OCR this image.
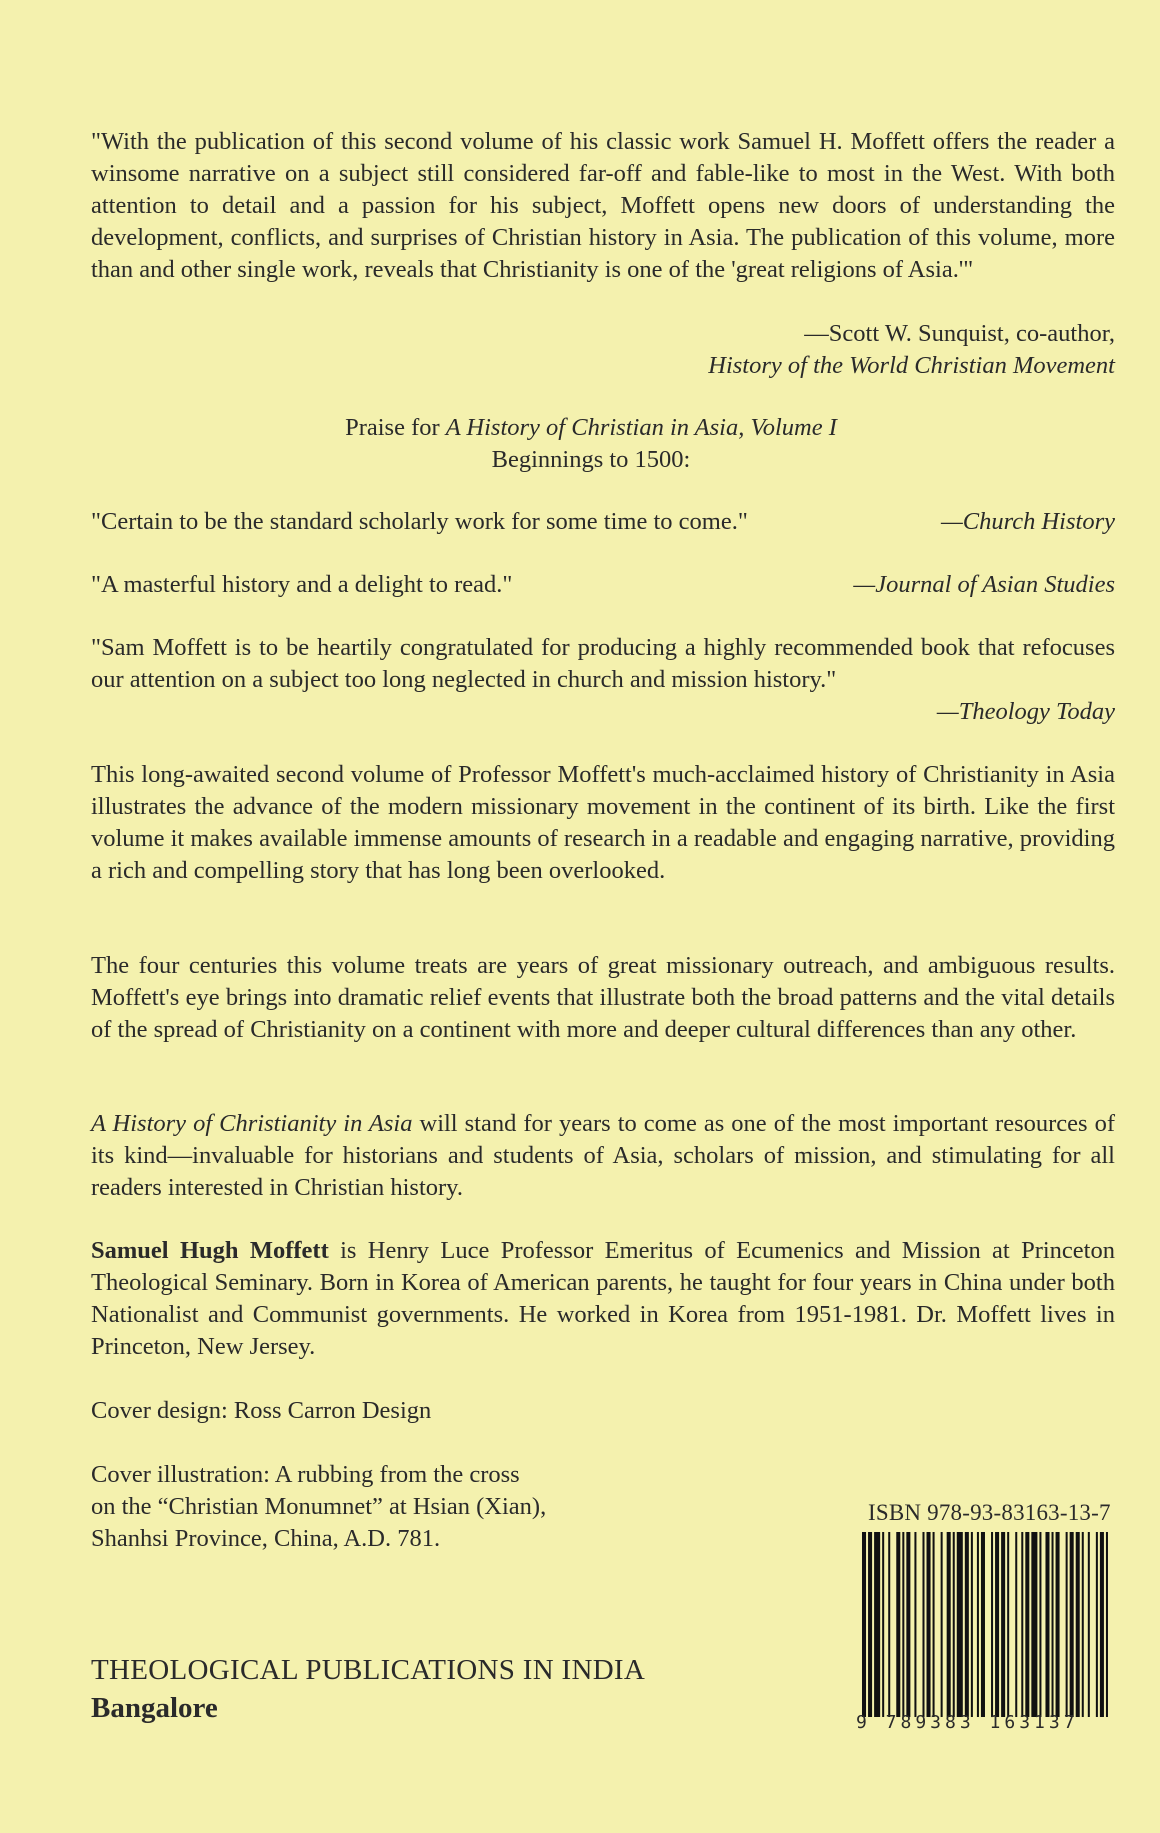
"With the publication of this second volume of his classic work Samuel H. Moffett offers the reader a winsome narrative on a subject still considered far-off and fable-like to most in the West. With both attention to detail and a passion for his subject, Moffett opens new doors of understanding the development, conflicts, and surprises of Christian history in Asia. The publication of this volume, more than and other single work, reveals that Christianity is one of the 'great religions of Asia.'"
—Scott W. Sunquist, co-author,
History of the World Christian Movement
Praise for A History of Christian in Asia, Volume I
Beginnings to 1500:
"Certain to be the standard scholarly work for some time to come."	—Church History
"A masterful history and a delight to read."	—Journal of Asian Studies
"Sam Moffett is to be heartily congratulated for producing a highly recommended book that refocuses our attention on a subject too long neglected in church and mission history."
—Theology Today
This long-awaited second volume of Professor Moffett's much-acclaimed history of Christianity in Asia illustrates the advance of the modern missionary movement in the continent of its birth. Like the first volume it makes available immense amounts of research in a readable and engaging narrative, providing a rich and compelling story that has long been overlooked.
The four centuries this volume treats are years of great missionary outreach, and ambiguous results. Moffett's eye brings into dramatic relief events that illustrate both the broad patterns and the vital details of the spread of Christianity on a continent with more and deeper cultural differences than any other.
A History of Christianity in Asia will stand for years to come as one of the most important resources of its kind—invaluable for historians and students of Asia, scholars of mission, and stimulating for all readers interested in Christian history.
Samuel Hugh Moffett is Henry Luce Professor Emeritus of Ecumenics and Mission at Princeton Theological Seminary. Born in Korea of American parents, he taught for four years in China under both Nationalist and Communist governments. He worked in Korea from 1951-1981. Dr. Moffett lives in Princeton, New Jersey.
Cover design: Ross Carron Design
Cover illustration: A rubbing from the cross
on the “Christian Monumnet” at Hsian (Xian),
Shanhsi Province, China, A.D. 781.
THEOLOGICAL PUBLICATIONS IN INDIA
Bangalore
ISBN 978-93-83163-13-7
9 789383 163137
